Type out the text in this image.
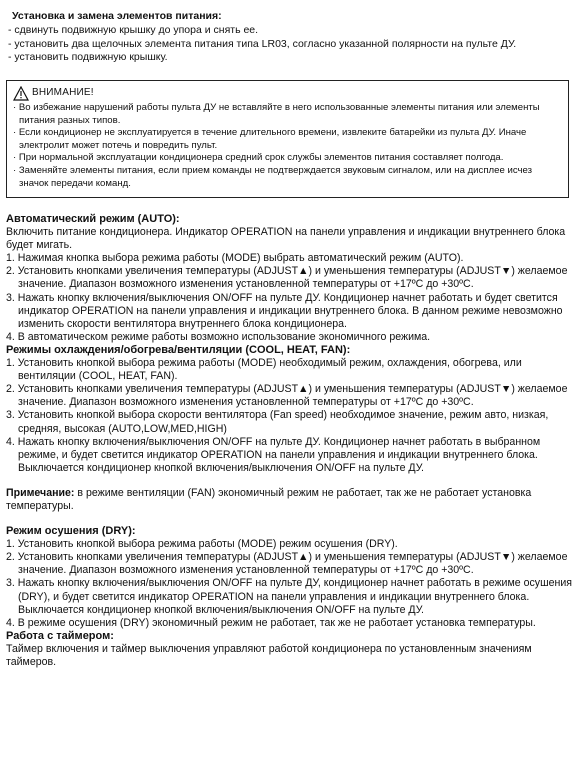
Установка и замена элементов питания:
- сдвинуть подвижную крышку до упора и снять ее.
- установить два щелочных элемента питания типа LR03, согласно указанной полярности на пульте ДУ.
- установить подвижную крышку.
ВНИМАНИЕ!
· Во избежание нарушений работы пульта ДУ не вставляйте в него использованные элементы питания или элементы питания разных типов.
· Если кондиционер не эксплуатируется в течение длительного времени, извлеките батарейки из пульта ДУ. Иначе электролит может потечь и повредить пульт.
· При нормальной эксплуатации кондиционера средний срок службы элементов питания составляет полгода.
· Заменяйте элементы питания, если прием команды не подтверждается звуковым сигналом, или на дисплее исчез значок передачи команд.
Автоматический режим (AUTO):
Включить питание кондиционера. Индикатор OPERATION на панели управления и индикации внутреннего блока будет мигать.
1. Нажимая кнопка выбора режима работы (MODE) выбрать автоматический режим (AUTO).
2. Установить кнопками увеличения температуры (ADJUST▲) и уменьшения температуры (ADJUST▼) желаемое значение. Диапазон возможного изменения установленной температуры от +17ºC до +30ºC.
3. Нажать кнопку включения/выключения ON/OFF на пульте ДУ. Кондиционер начнет работать и будет светится индикатор OPERATION на панели управления и индикации внутреннего блока. В данном режиме невозможно изменить скорости вентилятора внутреннего блока кондиционера.
4. В автоматическом режиме работы возможно использование экономичного режима.
Режимы охлаждения/обогрева/вентиляции (COOL, HEAT, FAN):
1. Установить кнопкой выбора режима работы (MODE) необходимый режим, охлаждения, обогрева, или вентиляции (COOL, HEAT, FAN).
2. Установить кнопками увеличения температуры (ADJUST▲) и уменьшения температуры (ADJUST▼) желаемое значение. Диапазон возможного изменения установленной температуры от +17ºC до +30ºC.
3. Установить кнопкой выбора скорости вентилятора (Fan speed) необходимое значение, режим авто, низкая, средняя, высокая (AUTO,LOW,MED,HIGH)
4. Нажать кнопку включения/выключения ON/OFF на пульте ДУ. Кондиционер начнет работать в выбранном режиме, и будет светится индикатор OPERATION на панели управления и индикации внутреннего блока. Выключается кондиционер кнопкой включения/выключения ON/OFF на пульте ДУ.
Примечание: в режиме вентиляции (FAN) экономичный режим не работает, так же не работает установка температуры.
Режим осушения (DRY):
1. Установить кнопкой выбора режима работы (MODE) режим осушения (DRY).
2. Установить кнопками увеличения температуры (ADJUST▲) и уменьшения температуры (ADJUST▼) желаемое значение. Диапазон возможного изменения установленной температуры от +17ºC до +30ºC.
3. Нажать кнопку включения/выключения ON/OFF на пульте ДУ, кондиционер начнет работать в режиме осушения (DRY), и будет светится индикатор OPERATION на панели управления и индикации внутреннего блока. Выключается кондиционер кнопкой включения/выключения ON/OFF на пульте ДУ.
4. В режиме осушения (DRY) экономичный режим не работает, так же не работает установка температуры.
Работа с таймером:
Таймер включения и таймер выключения управляют работой кондиционера по установленным значениям таймеров.
